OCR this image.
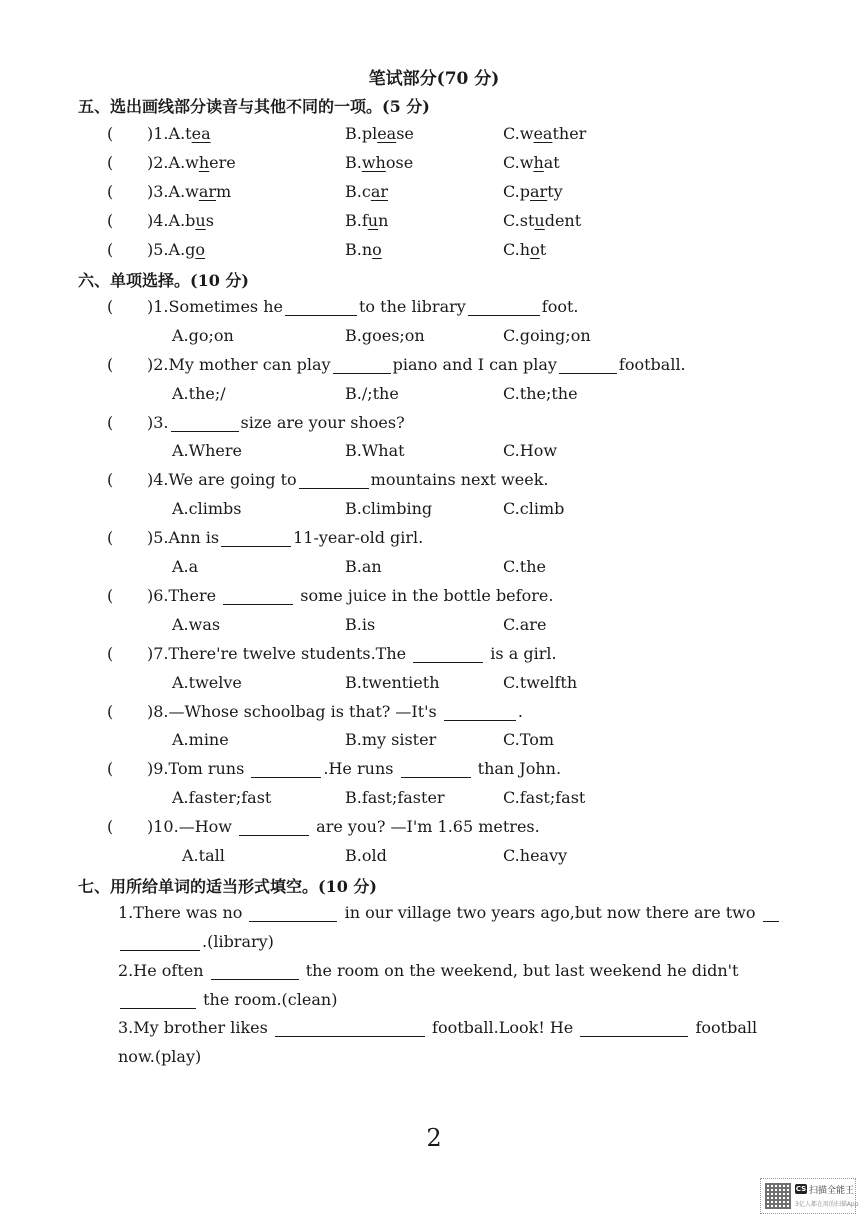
笔试部分(70 分)
五、选出画线部分读音与其他不同的一项。(5 分)
( )1.A.tea	B.please	C.weather
( )2.A.where	B.whose	C.what
( )3.A.warm	B.car	C.party
( )4.A.bus	B.fun	C.student
( )5.A.go	B.no	C.hot
六、单项选择。(10 分)
( )1.Sometimes he	to the library	foot.
A.go;on	B.goes;on	C.going;on
( )2.My mother can play	piano and I can play	football.
A.the;/	B./;the	C.the;the
( )3.	size are your shoes?
A.Where	B.What	C.How
( )4.We are going to	mountains next week.
A.climbs	B.climbing	C.climb
( )5.Ann is	11-year-old girl.
A.a	B.an	C.the
( )6.There	some juice in the bottle before.
A.was	B.is	C.are
( )7.There're twelve students.The	is a girl.
A.twelve	B.twentieth	C.twelfth
( )8.—Whose schoolbag is that? —It's	.
A.mine	B.my sister	C.Tom
( )9.Tom runs	.He runs	than John.
A.faster;fast	B.fast;faster	C.fast;fast
( )10.—How	are you? —I'm 1.65 metres.
A.tall	B.old	C.heavy
七、用所给单词的适当形式填空。(10 分)
1.There was no	in our village two years ago,but now there are two
.(library)
2.He often	the room on the weekend, but last weekend he didn't
the room.(clean)
3.My brother likes	football.Look! He	football
now.(play)
2
CS 扫描全能王
3亿人都在用的扫描App
